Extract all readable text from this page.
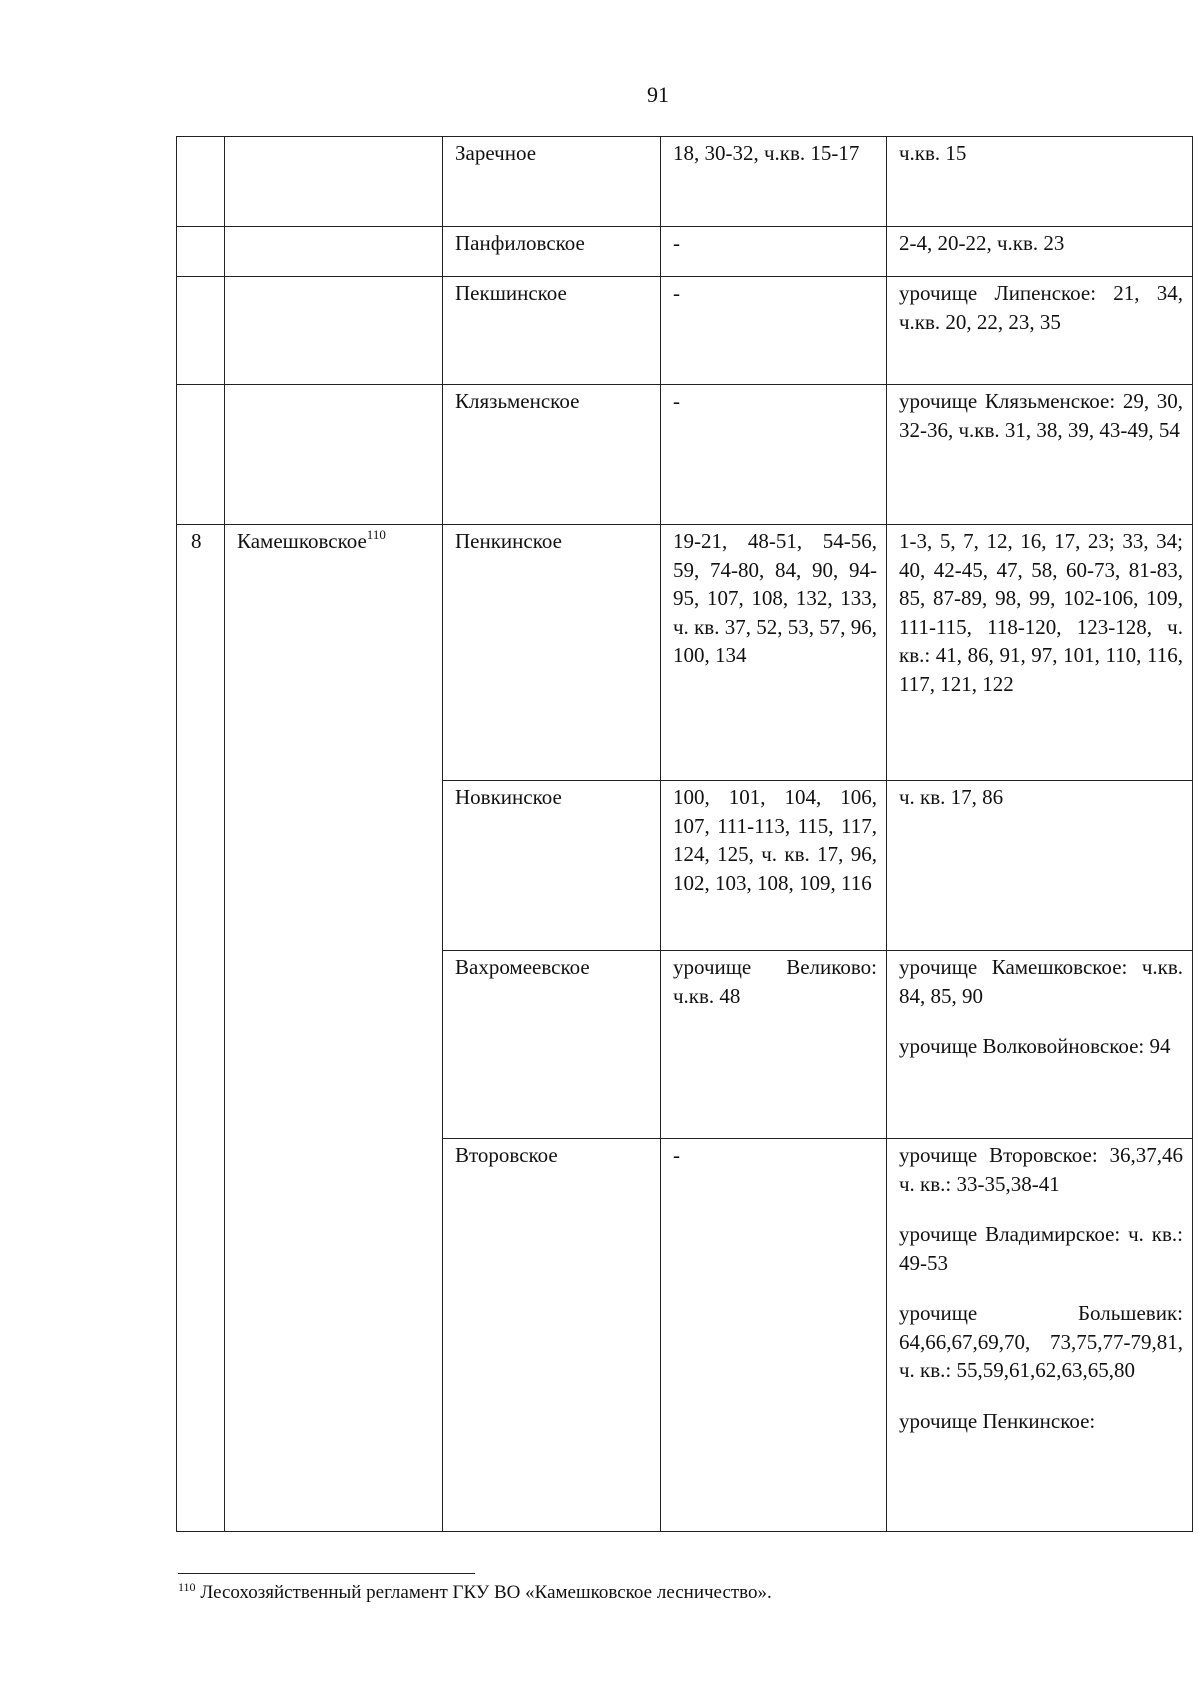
91

		Заречное	18, 30-32, ч.кв. 15-17	ч.кв. 15

		Панфиловское	-	2-4, 20-22, ч.кв. 23

		Пекшинское	-	урочище Липенское: 21, 34, ч.кв. 20, 22, 23, 35

		Клязьменское	-	урочище Клязьменское: 29, 30, 32-36, ч.кв. 31, 38, 39, 43-49, 54

8	Камешковское$^{110}$	Пенкинское	19-21, 48-51, 54-56, 59, 74-80, 84, 90, 94-95, 107, 108, 132, 133, ч. кв. 37, 52, 53, 57, 96, 100, 134	1-3, 5, 7, 12, 16, 17, 23; 33, 34; 40, 42-45, 47, 58, 60-73, 81-83, 85, 87-89, 98, 99, 102-106, 109, 111-115, 118-120, 123-128, ч. кв.: 41, 86, 91, 97, 101, 110, 116, 117, 121, 122

		Новкинское	100, 101, 104, 106, 107, 111-113, 115, 117, 124, 125, ч. кв. 17, 96, 102, 103, 108, 109, 116	ч. кв. 17, 86

		Вахромеевское	урочище Великово: ч.кв. 48	урочище Камешковское: ч.кв. 84, 85, 90
урочище Волковойновское: 94

		Второвское	-	урочище Второвское: 36,37,46 ч. кв.: 33-35,38-41
урочище Владимирское: ч. кв.: 49-53
урочище Большевик: 64,66,67,69,70, 73,75,77-79,81, ч. кв.: 55,59,61,62,63,65,80
урочище Пенкинское:
$^{110}$ Лесохозяйственный регламент ГКУ ВО «Камешковское лесничество».
